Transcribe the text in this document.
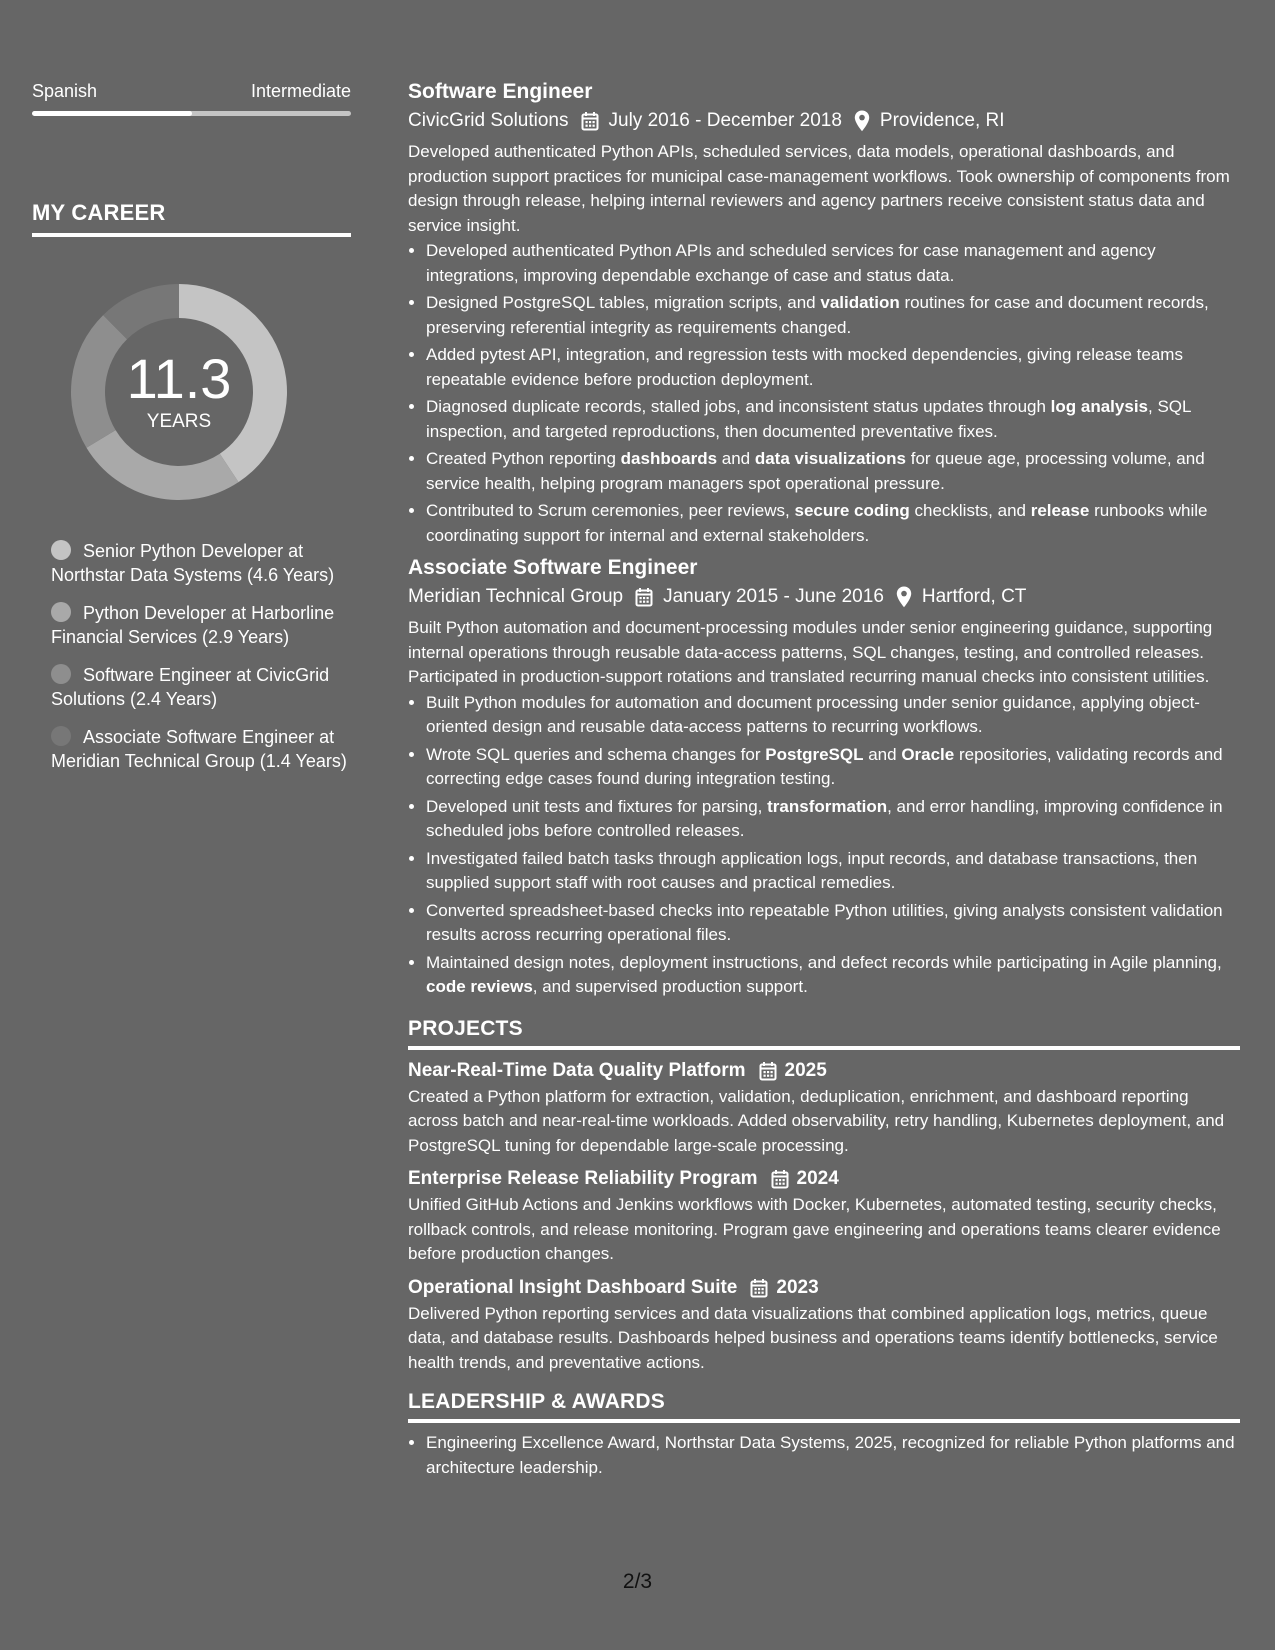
Spanish	Intermediate
MY CAREER
11.3
YEARS
Senior Python Developer at Northstar Data Systems (4.6 Years)
Python Developer at Harborline Financial Services (2.9 Years)
Software Engineer at CivicGrid Solutions (2.4 Years)
Associate Software Engineer at Meridian Technical Group (1.4 Years)
Software Engineer
CivicGrid Solutions July 2016 - December 2018 Providence, RI
Developed authenticated Python APIs, scheduled services, data models, operational dashboards, and production support practices for municipal case-management workflows. Took ownership of components from design through release, helping internal reviewers and agency partners receive consistent status data and service insight.
• Developed authenticated Python APIs and scheduled services for case management and agency integrations, improving dependable exchange of case and status data.
• Designed PostgreSQL tables, migration scripts, and validation routines for case and document records, preserving referential integrity as requirements changed.
• Added pytest API, integration, and regression tests with mocked dependencies, giving release teams repeatable evidence before production deployment.
• Diagnosed duplicate records, stalled jobs, and inconsistent status updates through log analysis, SQL inspection, and targeted reproductions, then documented preventative fixes.
• Created Python reporting dashboards and data visualizations for queue age, processing volume, and service health, helping program managers spot operational pressure.
• Contributed to Scrum ceremonies, peer reviews, secure coding checklists, and release runbooks while coordinating support for internal and external stakeholders.
Associate Software Engineer
Meridian Technical Group January 2015 - June 2016 Hartford, CT
Built Python automation and document-processing modules under senior engineering guidance, supporting internal operations through reusable data-access patterns, SQL changes, testing, and controlled releases. Participated in production-support rotations and translated recurring manual checks into consistent utilities.
• Built Python modules for automation and document processing under senior guidance, applying object-oriented design and reusable data-access patterns to recurring workflows.
• Wrote SQL queries and schema changes for PostgreSQL and Oracle repositories, validating records and correcting edge cases found during integration testing.
• Developed unit tests and fixtures for parsing, transformation, and error handling, improving confidence in scheduled jobs before controlled releases.
• Investigated failed batch tasks through application logs, input records, and database transactions, then supplied support staff with root causes and practical remedies.
• Converted spreadsheet-based checks into repeatable Python utilities, giving analysts consistent validation results across recurring operational files.
• Maintained design notes, deployment instructions, and defect records while participating in Agile planning, code reviews, and supervised production support.
PROJECTS
Near-Real-Time Data Quality Platform 2025
Created a Python platform for extraction, validation, deduplication, enrichment, and dashboard reporting across batch and near-real-time workloads. Added observability, retry handling, Kubernetes deployment, and PostgreSQL tuning for dependable large-scale processing.
Enterprise Release Reliability Program 2024
Unified GitHub Actions and Jenkins workflows with Docker, Kubernetes, automated testing, security checks, rollback controls, and release monitoring. Program gave engineering and operations teams clearer evidence before production changes.
Operational Insight Dashboard Suite 2023
Delivered Python reporting services and data visualizations that combined application logs, metrics, queue data, and database results. Dashboards helped business and operations teams identify bottlenecks, service health trends, and preventative actions.
LEADERSHIP & AWARDS
• Engineering Excellence Award, Northstar Data Systems, 2025, recognized for reliable Python platforms and architecture leadership.
2/3
